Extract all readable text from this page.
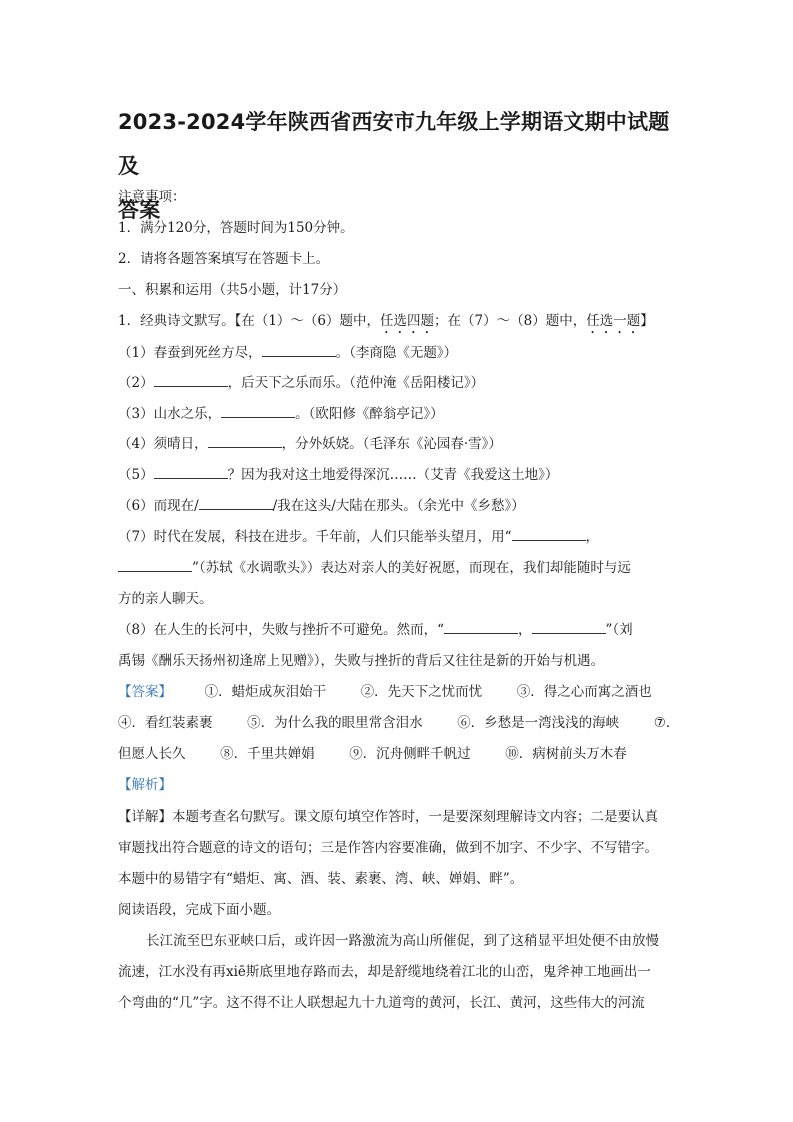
2023-2024学年陕西省西安市九年级上学期语文期中试题及
答案
注意事项：
1．满分120分，答题时间为150分钟。
2．请将各题答案填写在答题卡上。
一、积累和运用（共5小题，计17分）
1．经典诗文默写。【在（1）～（6）题中，任选四题；在（7）～（8）题中，任选一题】
（1）春蚕到死丝方尽，	。（李商隐《无题》）
（2）	，后天下之乐而乐。（范仲淹《岳阳楼记》）
（3）山水之乐，	。（欧阳修《醉翁亭记》）
（4）须晴日，	，分外妖娆。（毛泽东《沁园春·雪》）
（5）	？因为我对这土地爱得深沉……（艾青《我爱这土地》）
（6）而现在/	/我在这头/大陆在那头。（余光中《乡愁》）
（7）时代在发展，科技在进步。千年前，人们只能举头望月，用“	，
”（苏轼《水调歌头》）表达对亲人的美好祝愿，而现在，我们却能随时与远
方的亲人聊天。
（8）在人生的长河中，失败与挫折不可避免。然而，“	，	”（刘
禹锡《酬乐天扬州初逢席上见赠》），失败与挫折的背后又往往是新的开始与机遇。
【答案】 ①．蜡炬成灰泪始干	②．先天下之忧而忧	③．得之心而寓之酒也
④．看红装素裹	⑤．为什么我的眼里常含泪水	⑥．乡愁是一湾浅浅的海峡	⑦．
但愿人长久	⑧．千里共婵娟	⑨．沉舟侧畔千帆过	⑩．病树前头万木春
【解析】
【详解】本题考查名句默写。课文原句填空作答时，一是要深刻理解诗文内容；二是要认真
审题找出符合题意的诗文的语句；三是作答内容要准确，做到不加字、不少字、不写错字。
本题中的易错字有“蜡炬、寓、酒、装、素裹、湾、峡、婵娟、畔”。
阅读语段，完成下面小题。
长江流至巴东亚峡口后，或许因一路激流为高山所催促，到了这稍显平坦处便不由放慢
流速，江水没有再xiē斯底里地存路而去，却是舒缆地绕着江北的山峦，鬼斧神工地画出一
个弯曲的“几”字。这不得不让人联想起九十九道弯的黄河，长江、黄河，这些伟大的河流
